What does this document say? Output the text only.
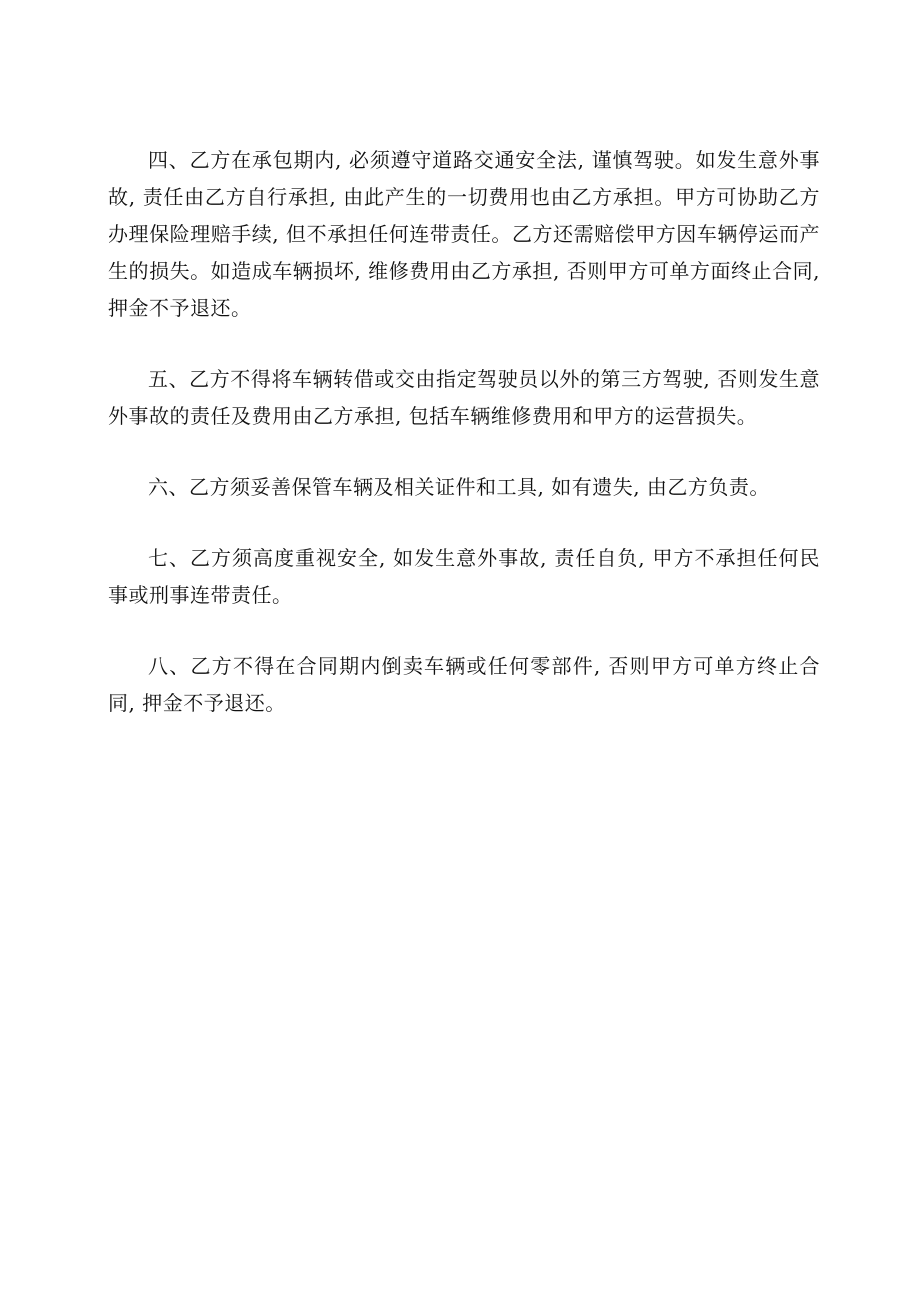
四、乙方在承包期内, 必须遵守道路交通安全法, 谨慎驾驶。如发生意外事故, 责任由乙方自行承担, 由此产生的一切费用也由乙方承担。甲方可协助乙方办理保险理赔手续, 但不承担任何连带责任。乙方还需赔偿甲方因车辆停运而产生的损失。如造成车辆损坏, 维修费用由乙方承担, 否则甲方可单方面终止合同, 押金不予退还。

五、乙方不得将车辆转借或交由指定驾驶员以外的第三方驾驶, 否则发生意外事故的责任及费用由乙方承担, 包括车辆维修费用和甲方的运营损失。

六、乙方须妥善保管车辆及相关证件和工具, 如有遗失, 由乙方负责。

七、乙方须高度重视安全, 如发生意外事故, 责任自负, 甲方不承担任何民事或刑事连带责任。

八、乙方不得在合同期内倒卖车辆或任何零部件, 否则甲方可单方终止合同, 押金不予退还。
